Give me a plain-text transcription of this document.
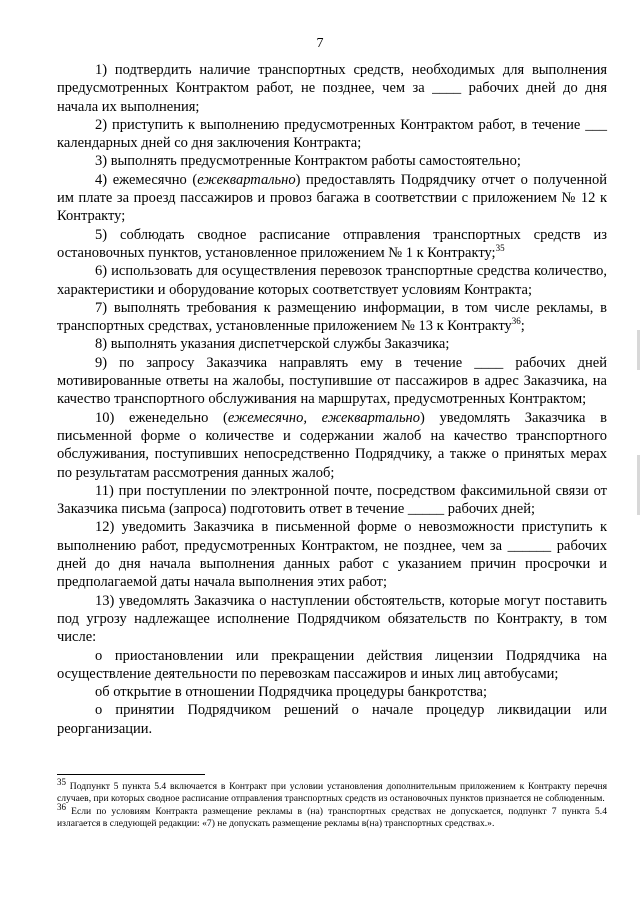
7

1) подтвердить наличие транспортных средств, необходимых для выполнения предусмотренных Контрактом работ, не позднее, чем за ____ рабочих дней до дня начала их выполнения;

2) приступить к выполнению предусмотренных Контрактом работ, в течение ___ календарных дней со дня заключения Контракта;

3) выполнять предусмотренные Контрактом работы самостоятельно;

4) ежемесячно (ежеквартально) предоставлять Подрядчику отчет о полученной им плате за проезд пассажиров и провоз багажа в соответствии с приложением № 12 к Контракту;

5) соблюдать сводное расписание отправления транспортных средств из остановочных пунктов, установленное приложением № 1 к Контракту;$^{35}$

6) использовать для осуществления перевозок транспортные средства количество, характеристики и оборудование которых соответствует условиям Контракта;

7) выполнять требования к размещению информации, в том числе рекламы, в транспортных средствах, установленные приложением № 13 к Контракту$^{36}$;

8) выполнять указания диспетчерской службы Заказчика;

9) по запросу Заказчика направлять ему в течение ____ рабочих дней мотивированные ответы на жалобы, поступившие от пассажиров в адрес Заказчика, на качество транспортного обслуживания на маршрутах, предусмотренных Контрактом;

10) еженедельно (ежемесячно, ежеквартально) уведомлять Заказчика в письменной форме о количестве и содержании жалоб на качество транспортного обслуживания, поступивших непосредственно Подрядчику, а также о принятых мерах по результатам рассмотрения данных жалоб;

11) при поступлении по электронной почте, посредством факсимильной связи от Заказчика письма (запроса) подготовить ответ в течение _____ рабочих дней;

12) уведомить Заказчика в письменной форме о невозможности приступить к выполнению работ, предусмотренных Контрактом, не позднее, чем за ______ рабочих дней до дня начала выполнения данных работ с указанием причин просрочки и предполагаемой даты начала выполнения этих работ;

13) уведомлять Заказчика о наступлении обстоятельств, которые могут поставить под угрозу надлежащее исполнение Подрядчиком обязательств по Контракту, в том числе:

о приостановлении или прекращении действия лицензии Подрядчика на осуществление деятельности по перевозкам пассажиров и иных лиц автобусами;

об открытие в отношении Подрядчика процедуры банкротства;

о принятии Подрядчиком решений о начале процедур ликвидации или реорганизации.

$^{35}$ Подпункт 5 пункта 5.4 включается в Контракт при условии установления дополнительным приложением к Контракту перечня случаев, при которых сводное расписание отправления транспортных средств из остановочных пунктов признается не соблюденным.

$^{36}$ Если по условиям Контракта размещение рекламы в (на) транспортных средствах не допускается, подпункт 7 пункта 5.4 излагается в следующей редакции: «7) не допускать размещение рекламы в(на) транспортных средствах.».
